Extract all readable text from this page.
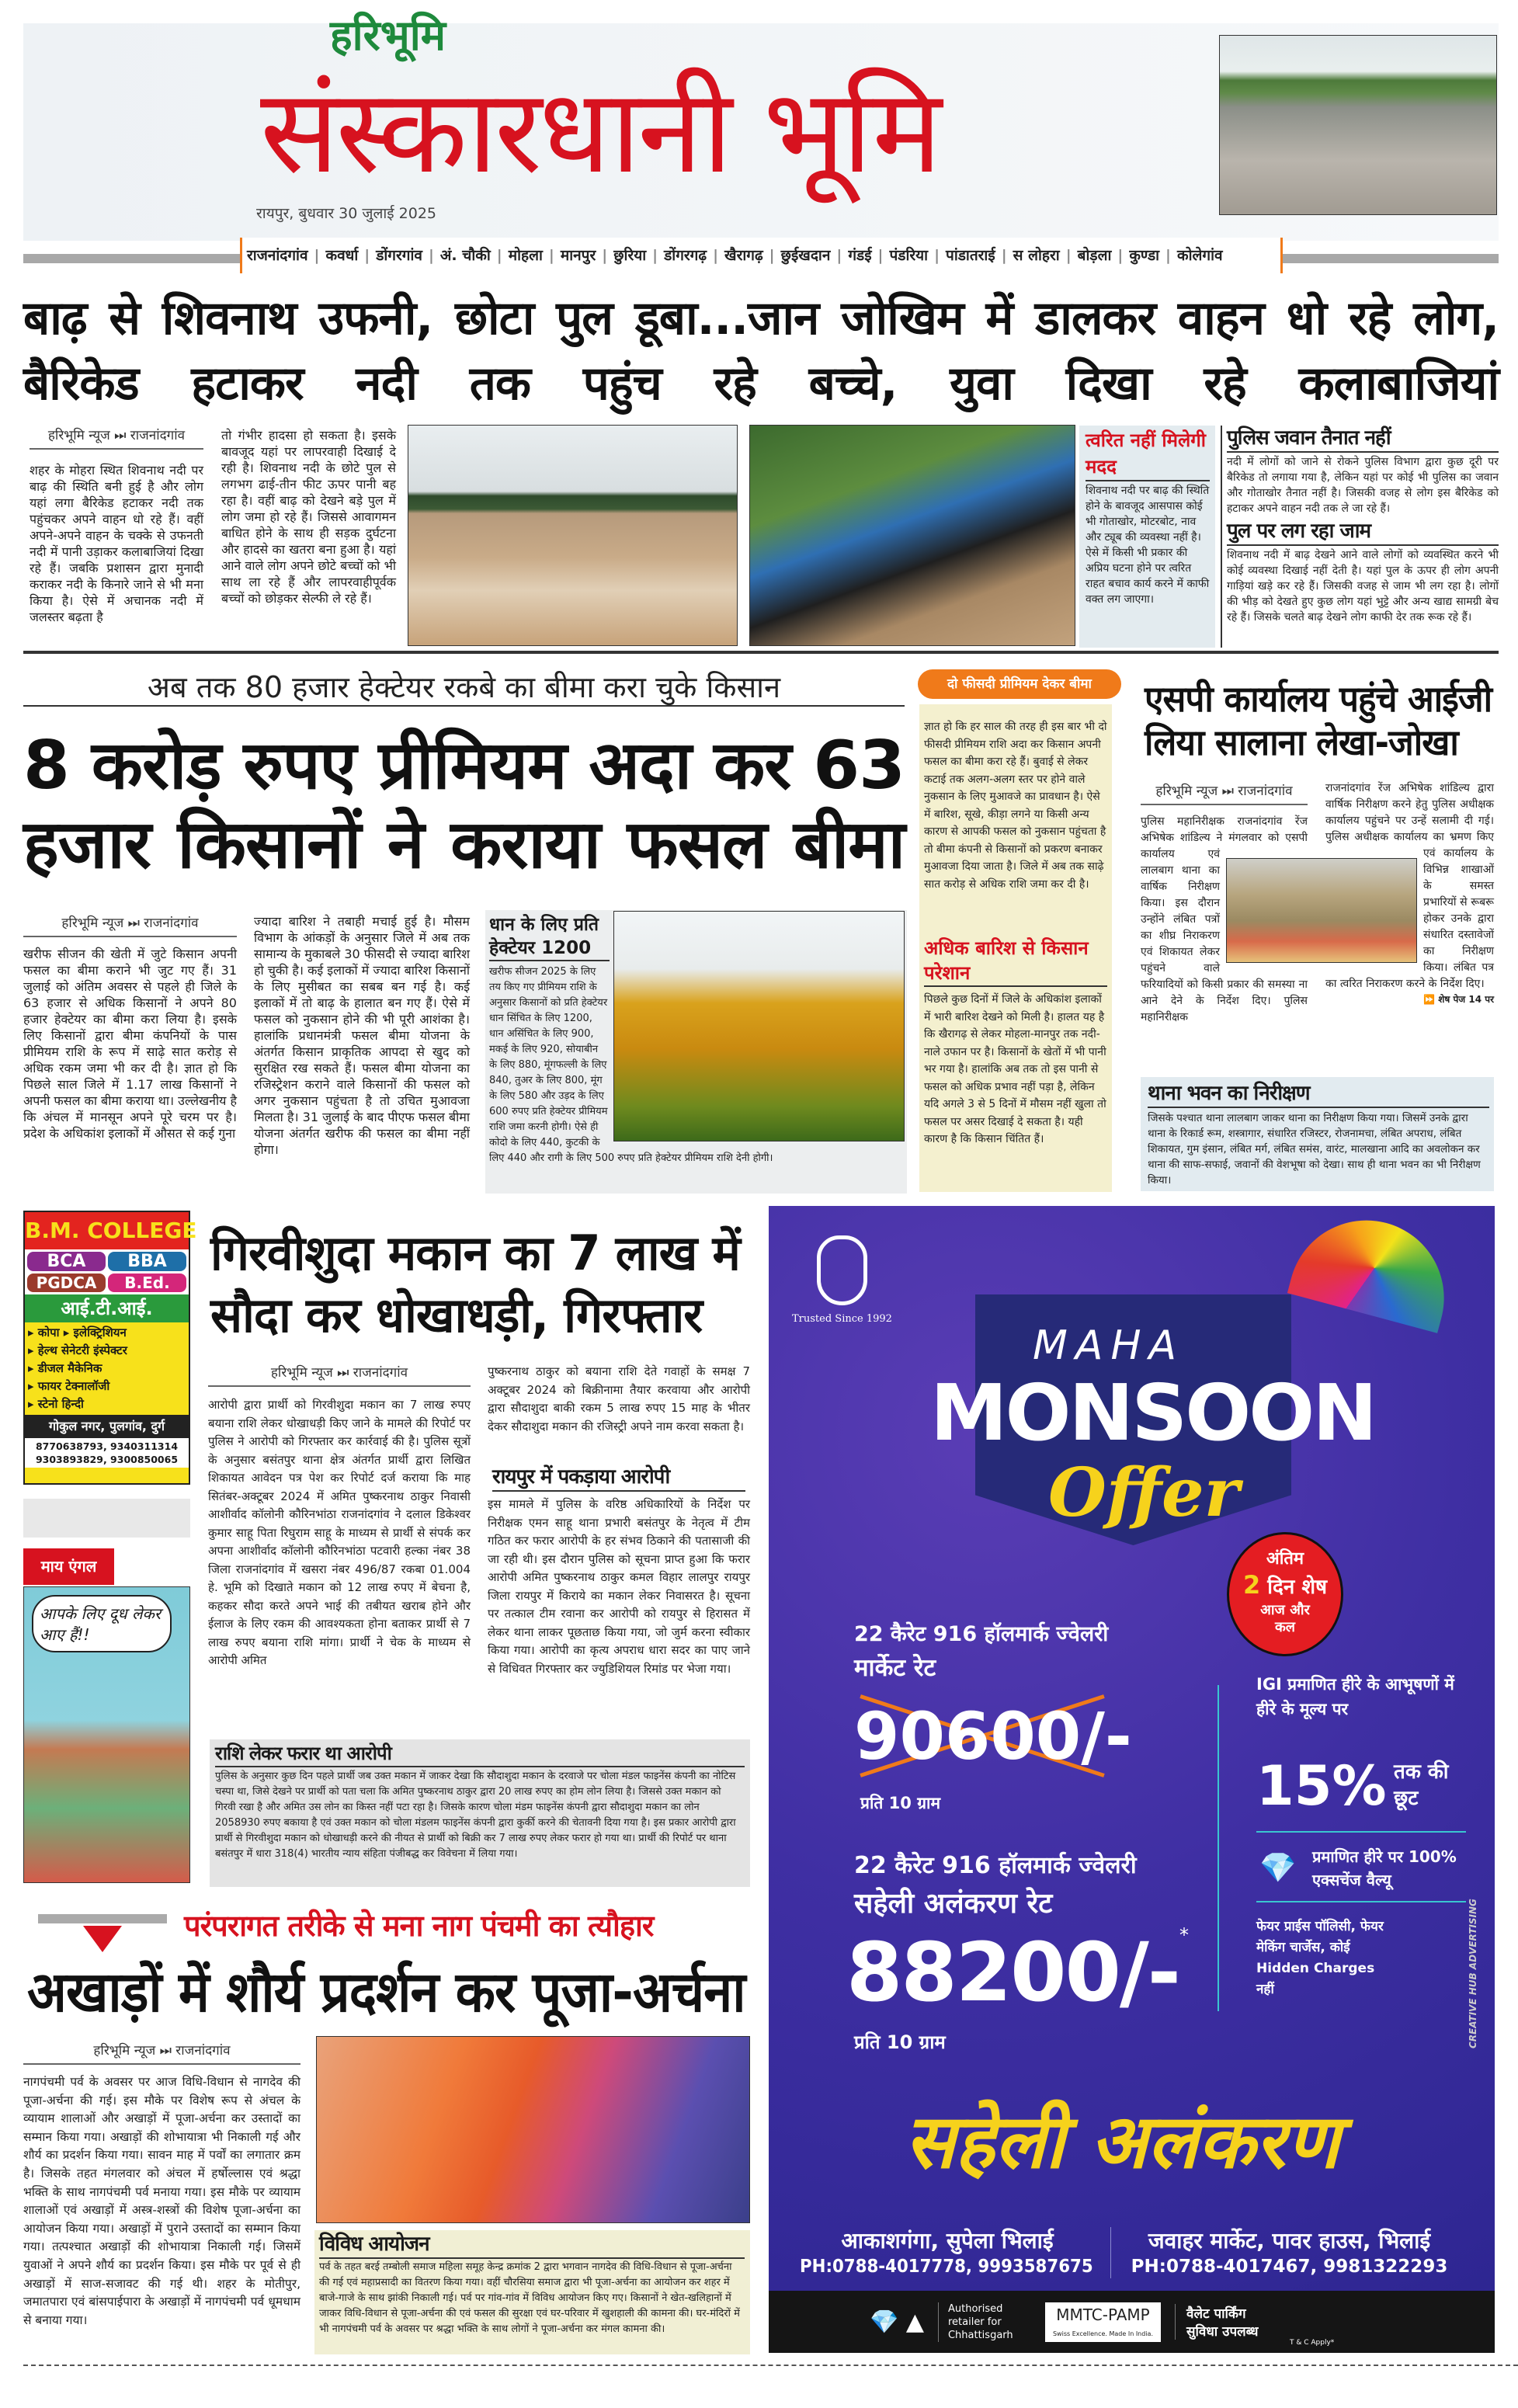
हरिभूमि
संस्कारधानी भूमि
रायपुर, बुधवार 30 जुलाई 2025
राजनांदगांव | कवर्धा | डोंगरगांव | अं. चौकी | मोहला | मानपुर | छुरिया | डोंगरगढ़ | खैरागढ़ | छुईखदान | गंडई | पंडरिया | पांडातराई | स लोहरा | बोड़ला | कुण्डा | कोलेगांव
बाढ़ से शिवनाथ उफनी, छोटा पुल डूबा...जान जोखिम में डालकर वाहन धो रहे लोग, बैरिकेड हटाकर नदी तक पहुंच रहे बच्चे, युवा दिखा रहे कलाबाजियां
हरिभूमि न्यूज ⏭ राजनांदगांव
शहर के मोहरा स्थित शिवनाथ नदी पर बाढ़ की स्थिति बनी हुई है और लोग यहां लगा बैरिकेड हटाकर नदी तक पहुंचकर अपने वाहन धो रहे हैं। वहीं अपने-अपने वाहन के चक्के से उफनती नदी में पानी उड़ाकर कलाबाजियां दिखा रहे हैं। जबकि प्रशासन द्वारा मुनादी कराकर नदी के किनारे जाने से भी मना किया है। ऐसे में अचानक नदी में जलस्तर बढ़ता है
तो गंभीर हादसा हो सकता है। इसके बावजूद यहां पर लापरवाही दिखाई दे रही है। शिवनाथ नदी के छोटे पुल से लगभग ढाई-तीन फीट ऊपर पानी बह रहा है। वहीं बाढ़ को देखने बड़े पुल में लोग जमा हो रहे हैं। जिससे आवागमन बाधित होने के साथ ही सड़क दुर्घटना और हादसे का खतरा बना हुआ है। यहां आने वाले लोग अपने छोटे बच्चों को भी साथ ला रहे हैं और लापरवाहीपूर्वक बच्चों को छोड़कर सेल्फी ले रहे हैं।
त्वरित नहीं मिलेगी मदद
शिवनाथ नदी पर बाढ़ की स्थिति होने के बावजूद आसपास कोई भी गोताखोर, मोटरबोट, नाव और ट्यूब की व्यवस्था नहीं है। ऐसे में किसी भी प्रकार की अप्रिय घटना होने पर त्वरित राहत बचाव कार्य करने में काफी वक्त लग जाएगा।
पुलिस जवान तैनात नहीं
नदी में लोगों को जाने से रोकने पुलिस विभाग द्वारा कुछ दूरी पर बैरिकेड तो लगाया गया है, लेकिन यहां पर कोई भी पुलिस का जवान और गोताखोर तैनात नहीं है। जिसकी वजह से लोग इस बैरिकेड को हटाकर अपने वाहन नदी तक ले जा रहे हैं।
पुल पर लग रहा जाम
शिवनाथ नदी में बाढ़ देखने आने वाले लोगों को व्यवस्थित करने भी कोई व्यवस्था दिखाई नहीं देती है। यहां पुल के ऊपर ही लोग अपनी गाड़ियां खड़े कर रहे हैं। जिसकी वजह से जाम भी लग रहा है। लोगों की भीड़ को देखते हुए कुछ लोग यहां भुट्टे और अन्य खाद्य सामग्री बेच रहे हैं। जिसके चलते बाढ़ देखने लोग काफी देर तक रूक रहे हैं।
अब तक 80 हजार हेक्टेयर रकबे का बीमा करा चुके किसान
8 करोड़ रुपए प्रीमियम अदा कर 63 हजार किसानों ने कराया फसल बीमा
हरिभूमि न्यूज ⏭ राजनांदगांव
खरीफ सीजन की खेती में जुटे किसान अपनी फसल का बीमा कराने भी जुट गए हैं। 31 जुलाई को अंतिम अवसर से पहले ही जिले के 63 हजार से अधिक किसानों ने अपने 80 हजार हेक्टेयर का बीमा करा लिया है। इसके लिए किसानों द्वारा बीमा कंपनियों के पास प्रीमियम राशि के रूप में साढ़े सात करोड़ से अधिक रकम जमा भी कर दी है। ज्ञात हो कि पिछले साल जिले में 1.17 लाख किसानों ने अपनी फसल का बीमा कराया था। उल्लेखनीय है कि अंचल में मानसून अपने पूरे चरम पर है। प्रदेश के अधिकांश इलाकों में औसत से कई गुना
ज्यादा बारिश ने तबाही मचाई हुई है। मौसम विभाग के आंकड़ों के अनुसार जिले में अब तक सामान्य के मुकाबले 30 फीसदी से ज्यादा बारिश हो चुकी है। कई इलाकों में ज्यादा बारिश किसानों के लिए मुसीबत का सबब बन गई है। कई इलाकों में तो बाढ़ के हालात बन गए हैं। ऐसे में फसल को नुकसान होने की भी पूरी आशंका है। हालांकि प्रधानमंत्री फसल बीमा योजना के अंतर्गत किसान प्राकृतिक आपदा से खुद को सुरक्षित रख सकते हैं। फसल बीमा योजना का रजिस्ट्रेशन कराने वाले किसानों की फसल को अगर नुकसान पहुंचता है तो उचित मुआवजा मिलता है। 31 जुलाई के बाद पीएफ फसल बीमा योजना अंतर्गत खरीफ की फसल का बीमा नहीं होगा।
धान के लिए प्रति हेक्टेयर 1200
खरीफ सीजन 2025 के लिए तय किए गए प्रीमियम राशि के अनुसार किसानों को प्रति हेक्टेयर धान सिंचित के लिए 1200, धान असिंचित के लिए 900, मकई के लिए 920, सोयाबीन के लिए 880, मूंगफल्ली के लिए 840, तुअर के लिए 800, मूंग के लिए 580 और उड़द के लिए 600 रुपए प्रति हेक्टेयर प्रीमियम राशि जमा करनी होगी। ऐसे ही कोदो के लिए 440, कुटकी के लिए 440 और रागी के लिए 500 रुपए प्रति हेक्टेयर प्रीमियम राशि देनी होगी।
दो फीसदी प्रीमियम देकर बीमा
ज्ञात हो कि हर साल की तरह ही इस बार भी दो फीसदी प्रीमियम राशि अदा कर किसान अपनी फसल का बीमा करा रहे हैं। बुवाई से लेकर कटाई तक अलग-अलग स्तर पर होने वाले नुकसान के लिए मुआवजे का प्रावधान है। ऐसे में बारिश, सूखे, कीड़ा लगने या किसी अन्य कारण से आपकी फसल को नुकसान पहुंचता है तो बीमा कंपनी से किसानों को प्रकरण बनाकर मुआवजा दिया जाता है। जिले में अब तक साढ़े सात करोड़ से अधिक राशि जमा कर दी है।
अधिक बारिश से किसान परेशान
पिछले कुछ दिनों में जिले के अधिकांश इलाकों में भारी बारिश देखने को मिली है। हालत यह है कि खैरागढ़ से लेकर मोहला-मानपुर तक नदी-नाले उफान पर है। किसानों के खेतों में भी पानी भर गया है। हालांकि अब तक तो इस पानी से फसल को अधिक प्रभाव नहीं पड़ा है, लेकिन यदि अगले 3 से 5 दिनों में मौसम नहीं खुला तो फसल पर असर दिखाई दे सकता है। यही कारण है कि किसान चिंतित हैं।
एसपी कार्यालय पहुंचे आईजी लिया सालाना लेखा-जोखा
हरिभूमि न्यूज ⏭ राजनांदगांव
पुलिस महानिरीक्षक राजनांदगांव रेंज अभिषेक शांडिल्य ने मंगलवार को एसपी कार्यालय एवं लालबाग थाना का वार्षिक निरीक्षण किया। इस दौरान उन्होंने लंबित पत्रों का शीघ्र निराकरण एवं शिकायत लेकर पहुंचने वाले फरियादियों को किसी प्रकार की समस्या ना आने देने के निर्देश दिए। पुलिस महानिरीक्षक
राजनांदगांव रेंज अभिषेक शांडिल्य द्वारा वार्षिक निरीक्षण करने हेतु पुलिस अधीक्षक कार्यालय पहुंचने पर उन्हें सलामी दी गई। पुलिस अधीक्षक कार्यालय का भ्रमण किए एवं कार्यालय के विभिन्न शाखाओं के समस्त प्रभारियों से रूबरू होकर उनके द्वारा संधारित दस्तावेजों का निरीक्षण किया। लंबित पत्र का त्वरित निराकरण करने के निर्देश दिए।
⏩ शेष पेज 14 पर
थाना भवन का निरीक्षण
जिसके पश्चात थाना लालबाग जाकर थाना का निरीक्षण किया गया। जिसमें उनके द्वारा थाना के रिकार्ड रूम, शस्त्रागार, संधारित रजिस्टर, रोजनामचा, लंबित अपराध, लंबित शिकायत, गुम इंसान, लंबित मर्ग, लंबित समंस, वारंट, मालखाना आदि का अवलोकन कर थाना की साफ-सफाई, जवानों की वेशभूषा को देखा। साथ ही थाना भवन का भी निरीक्षण किया।
B.M. COLLEGE
BCA	BBA
PGDCA	B.Ed.
आई.टी.आई.
▸ कोपा ▸ इलेक्ट्रिशियन
▸ हेल्थ सेनेटरी इंस्पेक्टर
▸ डीजल मैकेनिक
▸ फायर टेक्नालॉजी
▸ स्टेनो हिन्दी

गोकुल नगर, पुलगांव, दुर्ग
8770638793, 9340311314 9303893829, 9300850065
माय एंगल
आपके लिए दूध लेकर आए हैं!!
गिरवीशुदा मकान का 7 लाख में सौदा कर धोखाधड़ी, गिरफ्तार
हरिभूमि न्यूज ⏭ राजनांदगांव
आरोपी द्वारा प्रार्थी को गिरवीशुदा मकान का 7 लाख रुपए बयाना राशि लेकर धोखाधड़ी किए जाने के मामले की रिपोर्ट पर पुलिस ने आरोपी को गिरफ्तार कर कार्रवाई की है। पुलिस सूत्रों के अनुसार बसंतपुर थाना क्षेत्र अंतर्गत प्रार्थी द्वारा लिखित शिकायत आवेदन पत्र पेश कर रिपोर्ट दर्ज कराया कि माह सितंबर-अक्टूबर 2024 में अमित पुष्करनाथ ठाकुर निवासी आशीर्वाद कॉलोनी कौरिनभांठा राजनांदगांव ने दलाल डिकेश्वर कुमार साहू पिता रिघुराम साहू के माध्यम से प्रार्थी से संपर्क कर अपना आशीर्वाद कॉलोनी कौरिनभांठा पटवारी हल्का नंबर 38 जिला राजनांदगांव में खसरा नंबर 496/87 रकबा 01.004 हे. भूमि को दिखाते मकान को 12 लाख रुपए में बेचना है, कहकर सौदा करते अपने भाई की तबीयत खराब होने और ईलाज के लिए रकम की आवश्यकता होना बताकर प्रार्थी से 7 लाख रुपए बयाना राशि मांगा। प्रार्थी ने चेक के माध्यम से आरोपी अमित
पुष्करनाथ ठाकुर को बयाना राशि देते गवाहों के समक्ष 7 अक्टूबर 2024 को बिक्रीनामा तैयार करवाया और आरोपी द्वारा सौदाशुदा बाकी रकम 5 लाख रुपए 15 माह के भीतर देकर सौदाशुदा मकान की रजिस्ट्री अपने नाम करवा सकता है।
रायपुर में पकड़ाया आरोपी
इस मामले में पुलिस के वरिष्ठ अधिकारियों के निर्देश पर निरीक्षक एमन साहू थाना प्रभारी बसंतपुर के नेतृत्व में टीम गठित कर फरार आरोपी के हर संभव ठिकाने की पतासाजी की जा रही थी। इस दौरान पुलिस को सूचना प्राप्त हुआ कि फरार आरोपी अमित पुष्करनाथ ठाकुर कमल विहार लालपुर रायपुर जिला रायपुर में किराये का मकान लेकर निवासरत है। सूचना पर तत्काल टीम रवाना कर आरोपी को रायपुर से हिरासत में लेकर थाना लाकर पूछताछ किया गया, जो जुर्म करना स्वीकार किया गया। आरोपी का कृत्य अपराध धारा सदर का पाए जाने से विधिवत गिरफ्तार कर ज्युडिशियल रिमांड पर भेजा गया।
राशि लेकर फरार था आरोपी
पुलिस के अनुसार कुछ दिन पहले प्रार्थी जब उक्त मकान में जाकर देखा कि सौदाशुदा मकान के दरवाजे पर चोला मंडल फाइनेंस कंपनी का नोटिस चस्पा था, जिसे देखने पर प्रार्थी को पता चला कि अमित पुष्करनाथ ठाकुर द्वारा 20 लाख रुपए का होम लोन लिया है। जिससे उक्त मकान को गिरवी रखा है और अमित उस लोन का किस्त नहीं पटा रहा है। जिसके कारण चोला मंडम फाइनेंस कंपनी द्वारा सौदाशुदा मकान का लोन 2058930 रुपए बकाया है एवं उक्त मकान को चोला मंडलम फाइनेंस कंपनी द्वारा कुर्की करने की चेतावनी दिया गया है। इस प्रकार आरोपी द्वारा प्रार्थी से गिरवीशुदा मकान को धोखाधड़ी करने की नीयत से प्रार्थी को बिक्री कर 7 लाख रुपए लेकर फरार हो गया था। प्रार्थी की रिपोर्ट पर थाना बसंतपुर में धारा 318(4) भारतीय न्याय संहिता पंजीबद्ध कर विवेचना में लिया गया।
परंपरागत तरीके से मना नाग पंचमी का त्यौहार
अखाड़ों में शौर्य प्रदर्शन कर पूजा-अर्चना
हरिभूमि न्यूज ⏭ राजनांदगांव
नागपंचमी पर्व के अवसर पर आज विधि-विधान से नागदेव की पूजा-अर्चना की गई। इस मौके पर विशेष रूप से अंचल के व्यायाम शालाओं और अखाड़ों में पूजा-अर्चना कर उस्तादों का सम्मान किया गया। अखाड़ों की शोभायात्रा भी निकाली गई और शौर्य का प्रदर्शन किया गया। सावन माह में पर्वों का लगातार क्रम है। जिसके तहत मंगलवार को अंचल में हर्षोल्लास एवं श्रद्धा भक्ति के साथ नागपंचमी पर्व मनाया गया। इस मौके पर व्यायाम शालाओं एवं अखाड़ों में अस्त्र-शस्त्रों की विशेष पूजा-अर्चना का आयोजन किया गया। अखाड़ों में पुराने उस्तादों का सम्मान किया गया। तत्पश्चात अखाड़ों की शोभायात्रा निकाली गई। जिसमें युवाओं ने अपने शौर्य का प्रदर्शन किया। इस मौके पर पूर्व से ही अखाड़ों में साज-सजावट की गई थी। शहर के मोतीपुर, जमातपारा एवं बांसपाईपारा के अखाड़ों में नागपंचमी पर्व धूमधाम से बनाया गया।
विविध आयोजन
पर्व के तहत बरई तम्बोली समाज महिला समूह केन्द्र क्रमांक 2 द्वारा भगवान नागदेव की विधि-विधान से पूजा-अर्चना की गई एवं महाप्रसादी का वितरण किया गया। वहीं चौरसिया समाज द्वारा भी पूजा-अर्चना का आयोजन कर शहर में बाजे-गाजे के साथ झांकी निकाली गई। पर्व पर गांव-गांव में विविध आयोजन किए गए। किसानों ने खेत-खलिहानों में जाकर विधि-विधान से पूजा-अर्चना की एवं फसल की सुरक्षा एवं घर-परिवार में खुशहाली की कामना की। घर-मंदिरों में भी नागपंचमी पर्व के अवसर पर श्रद्धा भक्ति के साथ लोगों ने पूजा-अर्चना कर मंगल कामना की।
Trusted Since 1992
MAHA
MONSOON
Offer
अंतिम
2 दिन शेष
आज और कल
22 कैरेट 916 हॉलमार्क ज्वेलरी
मार्केट रेट
90600/-
प्रति 10 ग्राम
IGI प्रमाणित हीरे के आभूषणों में हीरे के मूल्य पर
15% तक की छूट
💎 प्रमाणित हीरे पर 100% एक्सचेंज वैल्यू
फेयर प्राईस पॉलिसी, फेयर मेकिंग चार्जेस, कोई Hidden Charges नहीं
22 कैरेट 916 हॉलमार्क ज्वेलरी
सहेली अलंकरण रेट
88200/- *
प्रति 10 ग्राम	CREATIVE HUB ADVERTISING
सहेली अलंकरण
आकाशगंगा, सुपेला भिलाई
PH:0788-4017778, 9993587675
जवाहर मार्केट, पावर हाउस, भिलाई
PH:0788-4017467, 9981322293
💎 ▲	Authorised retailer for Chhattisgarh
MMTC-PAMP
Swiss Excellence. Made In India.
वैलेट पार्किंग सुविधा उपलब्ध
T & C Apply*
